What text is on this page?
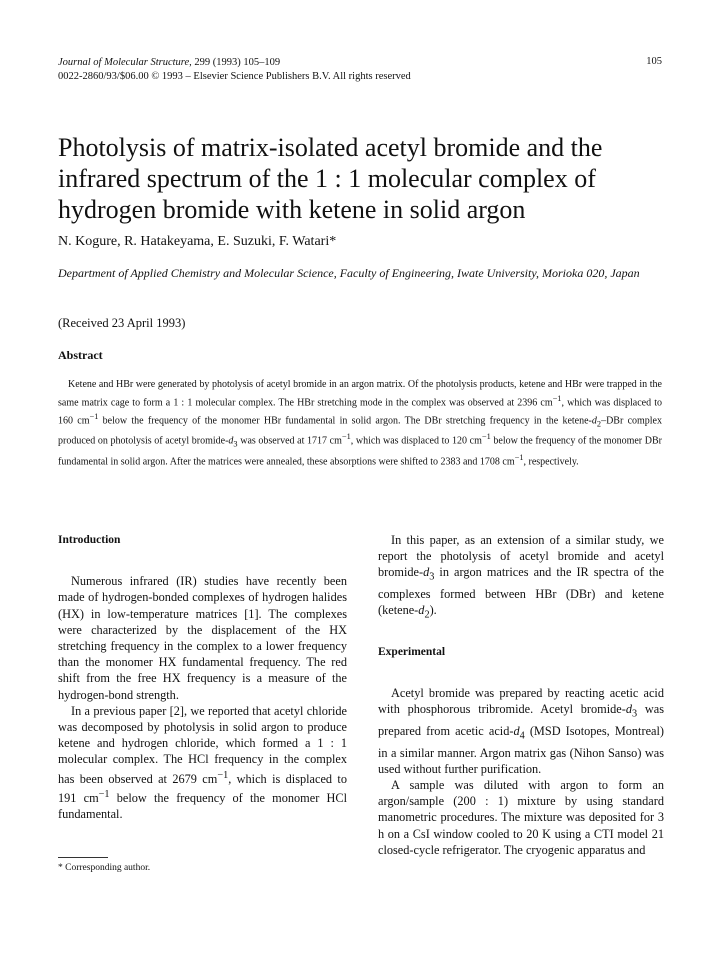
Journal of Molecular Structure, 299 (1993) 105–109
0022-2860/93/$06.00 © 1993 – Elsevier Science Publishers B.V. All rights reserved
105
Photolysis of matrix-isolated acetyl bromide and the infrared spectrum of the 1 : 1 molecular complex of hydrogen bromide with ketene in solid argon
N. Kogure, R. Hatakeyama, E. Suzuki, F. Watari*
Department of Applied Chemistry and Molecular Science, Faculty of Engineering, Iwate University, Morioka 020, Japan
(Received 23 April 1993)
Abstract
Ketene and HBr were generated by photolysis of acetyl bromide in an argon matrix. Of the photolysis products, ketene and HBr were trapped in the same matrix cage to form a 1 : 1 molecular complex. The HBr stretching mode in the complex was observed at 2396 $cm^{-1}$, which was displaced to 160 $cm^{-1}$ below the frequency of the monomer HBr fundamental in solid argon. The DBr stretching frequency in the ketene-$d_2$–DBr complex produced on photolysis of acetyl bromide-$d_3$ was observed at 1717 $cm^{-1}$, which was displaced to 120 $cm^{-1}$ below the frequency of the monomer DBr fundamental in solid argon. After the matrices were annealed, these absorptions were shifted to 2383 and 1708 $cm^{-1}$, respectively.
Introduction

Numerous infrared (IR) studies have recently been made of hydrogen-bonded complexes of hydrogen halides (HX) in low-temperature matrices [1]. The complexes were characterized by the displacement of the HX stretching frequency in the complex to a lower frequency than the monomer HX fundamental frequency. The red shift from the free HX frequency is a measure of the hydrogen-bond strength.

In a previous paper [2], we reported that acetyl chloride was decomposed by photolysis in solid argon to produce ketene and hydrogen chloride, which formed a 1 : 1 molecular complex. The HCl frequency in the complex has been observed at 2679 $cm^{-1}$, which is displaced to 191 $cm^{-1}$ below the frequency of the monomer HCl fundamental.

In this paper, as an extension of a similar study, we report the photolysis of acetyl bromide and acetyl bromide-$d_3$ in argon matrices and the IR spectra of the complexes formed between HBr (DBr) and ketene $(ketene-d_2)$.

Experimental

Acetyl bromide was prepared by reacting acetic acid with phosphorous tribromide. Acetyl bromide-$d_3$ was prepared from acetic acid-$d_4$ (MSD Isotopes, Montreal) in a similar manner. Argon matrix gas (Nihon Sanso) was used without further purification.

A sample was diluted with argon to form an argon/sample (200 : 1) mixture by using standard manometric procedures. The mixture was deposited for 3 h on a CsI window cooled to 20 K using a CTI model 21 closed-cycle refrigerator. The cryogenic apparatus and

* Corresponding author.
